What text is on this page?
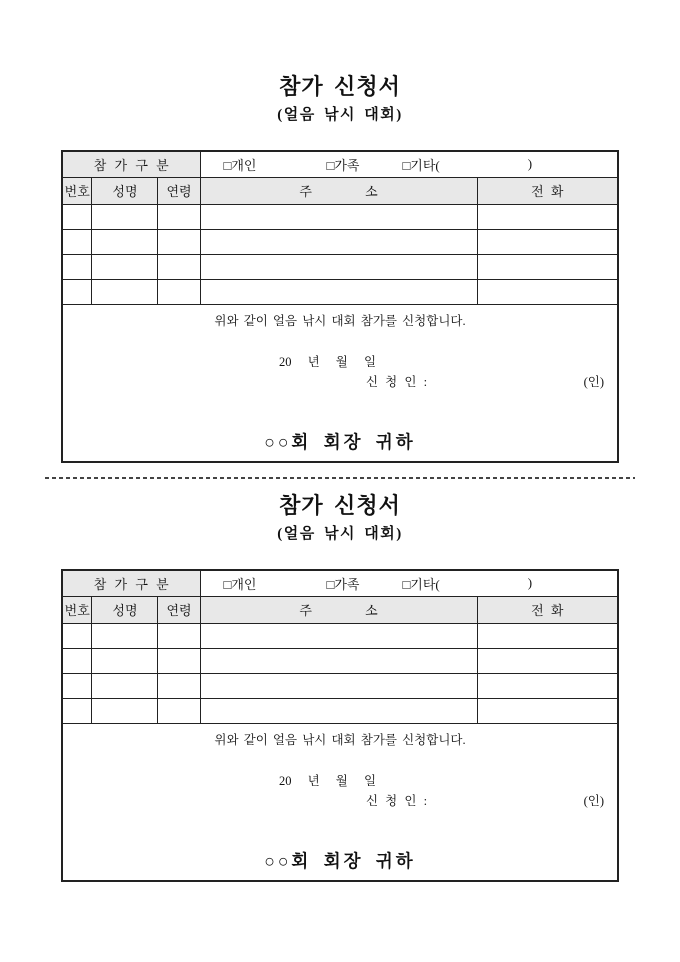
참가 신청서
(얼음 낚시 대회)
참 가 구 분			□개인 □가족 □기타( )	

번호	성명	연령	주 소	전 화

위와 같이 얼음 낚시 대회 참가를 신청합니다.

20 년 월 일

신 청 인 : (인)

○○회 회장 귀하				

참가 신청서
(얼음 낚시 대회)
참 가 구 분			□개인 □가족 □기타( )	

번호	성명	연령	주 소	전 화

위와 같이 얼음 낚시 대회 참가를 신청합니다.

20 년 월 일

신 청 인 : (인)

○○회 회장 귀하				
